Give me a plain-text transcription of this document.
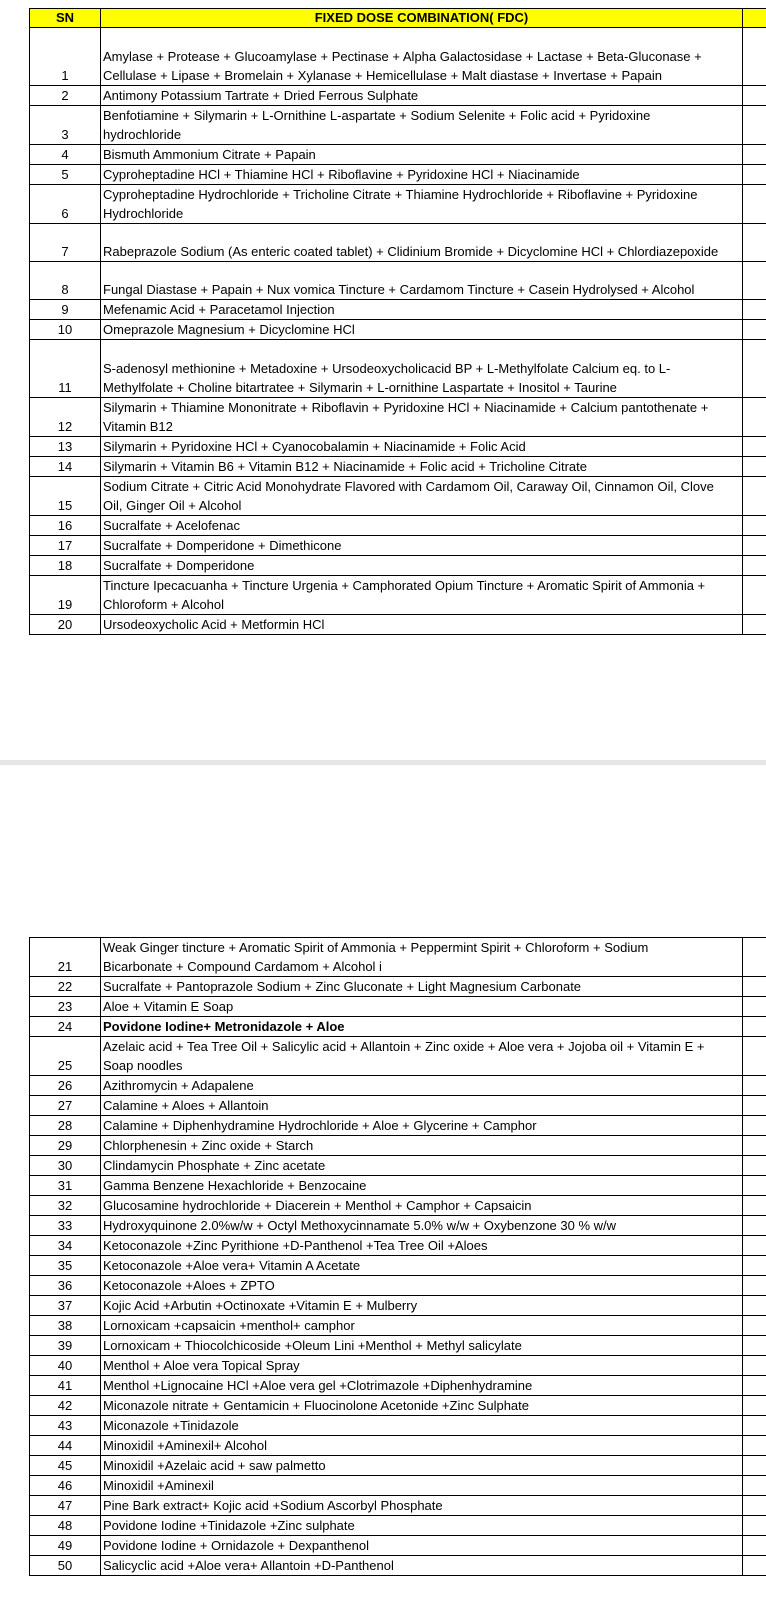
SN	FIXED DOSE COMBINATION( FDC)	
1	Amylase + Protease + Glucoamylase + Pectinase + Alpha Galactosidase + Lactase + Beta-Gluconase +
Cellulase + Lipase + Bromelain + Xylanase + Hemicellulase + Malt diastase + Invertase + Papain	

2	Antimony Potassium Tartrate + Dried Ferrous Sulphate	

3	Benfotiamine + Silymarin + L-Ornithine L-aspartate + Sodium Selenite + Folic acid + Pyridoxine
hydrochloride	

4	Bismuth Ammonium Citrate + Papain	

5	Cyproheptadine HCl + Thiamine HCl + Riboflavine + Pyridoxine HCl + Niacinamide	

6	Cyproheptadine Hydrochloride + Tricholine Citrate + Thiamine Hydrochloride + Riboflavine + Pyridoxine
Hydrochloride	

7	Rabeprazole Sodium (As enteric coated tablet) + Clidinium Bromide + Dicyclomine HCl + Chlordiazepoxide	

8	Fungal Diastase + Papain + Nux vomica Tincture + Cardamom Tincture + Casein Hydrolysed + Alcohol	

9	Mefenamic Acid + Paracetamol Injection	

10	Omeprazole Magnesium + Dicyclomine HCl	

11	S-adenosyl methionine + Metadoxine + Ursodeoxycholicacid BP + L-Methylfolate Calcium eq. to L-
Methylfolate + Choline bitartratee + Silymarin + L-ornithine Laspartate + Inositol + Taurine	

12	Silymarin + Thiamine Mononitrate + Riboflavin + Pyridoxine HCl + Niacinamide + Calcium pantothenate +
Vitamin B12	

13	Silymarin + Pyridoxine HCl + Cyanocobalamin + Niacinamide + Folic Acid	

14	Silymarin + Vitamin B6 + Vitamin B12 + Niacinamide + Folic acid + Tricholine Citrate	

15	Sodium Citrate + Citric Acid Monohydrate Flavored with Cardamom Oil, Caraway Oil, Cinnamon Oil, Clove
Oil, Ginger Oil + Alcohol	

16	Sucralfate + Acelofenac	

17	Sucralfate + Domperidone + Dimethicone	

18	Sucralfate + Domperidone	

19	Tincture Ipecacuanha + Tincture Urgenia + Camphorated Opium Tincture + Aromatic Spirit of Ammonia +
Chloroform + Alcohol	

20	Ursodeoxycholic Acid + Metformin HCl	

21	Weak Ginger tincture + Aromatic Spirit of Ammonia + Peppermint Spirit + Chloroform + Sodium
Bicarbonate + Compound Cardamom + Alcohol i	

22	Sucralfate + Pantoprazole Sodium + Zinc Gluconate + Light Magnesium Carbonate	

23	Aloe + Vitamin E Soap	

24	Povidone Iodine+ Metronidazole + Aloe	

25	Azelaic acid + Tea Tree Oil + Salicylic acid + Allantoin + Zinc oxide + Aloe vera + Jojoba oil + Vitamin E +
Soap noodles	

26	Azithromycin + Adapalene	

27	Calamine + Aloes + Allantoin	

28	Calamine + Diphenhydramine Hydrochloride + Aloe + Glycerine + Camphor	

29	Chlorphenesin + Zinc oxide + Starch	

30	Clindamycin Phosphate + Zinc acetate	

31	Gamma Benzene Hexachloride + Benzocaine	

32	Glucosamine hydrochloride + Diacerein + Menthol + Camphor + Capsaicin	

33	Hydroxyquinone 2.0%w/w + Octyl Methoxycinnamate 5.0% w/w + Oxybenzone 30 % w/w	

34	Ketoconazole +Zinc Pyrithione +D-Panthenol +Tea Tree Oil +Aloes	

35	Ketoconazole +Aloe vera+ Vitamin A Acetate	

36	Ketoconazole +Aloes + ZPTO	

37	Kojic Acid +Arbutin +Octinoxate +Vitamin E + Mulberry	

38	Lornoxicam +capsaicin +menthol+ camphor	

39	Lornoxicam + Thiocolchicoside +Oleum Lini +Menthol + Methyl salicylate	

40	Menthol + Aloe vera Topical Spray	

41	Menthol +Lignocaine HCl +Aloe vera gel +Clotrimazole +Diphenhydramine	

42	Miconazole nitrate + Gentamicin + Fluocinolone Acetonide +Zinc Sulphate	

43	Miconazole +Tinidazole	

44	Minoxidil +Aminexil+ Alcohol	

45	Minoxidil +Azelaic acid + saw palmetto	

46	Minoxidil +Aminexil	

47	Pine Bark extract+ Kojic acid +Sodium Ascorbyl Phosphate	

48	Povidone Iodine +Tinidazole +Zinc sulphate	

49	Povidone Iodine + Ornidazole + Dexpanthenol	

50	Salicyclic acid +Aloe vera+ Allantoin +D-Panthenol	
